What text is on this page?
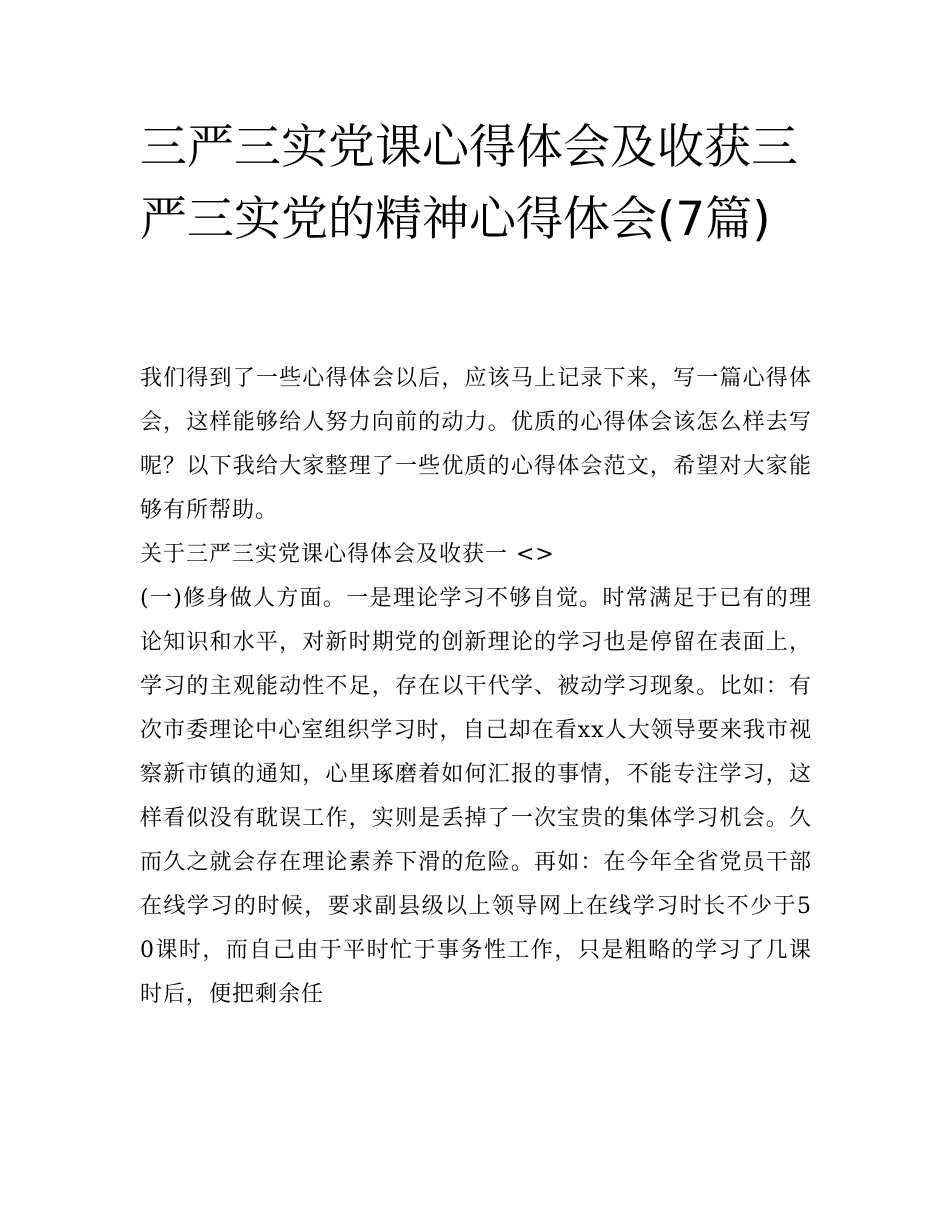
三严三实党课心得体会及收获三严三实党的精神心得体会(7篇)

我们得到了一些心得体会以后，应该马上记录下来，写一篇心得体会，这样能够给人努力向前的动力。优质的心得体会该怎么样去写呢？以下我给大家整理了一些优质的心得体会范文，希望对大家能够有所帮助。

关于三严三实党课心得体会及收获一 <>

(一)修身做人方面。一是理论学习不够自觉。时常满足于已有的理论知识和水平，对新时期党的创新理论的学习也是停留在表面上，学习的主观能动性不足，存在以干代学、被动学习现象。比如：有次市委理论中心室组织学习时，自己却在看xx人大领导要来我市视察新市镇的通知，心里琢磨着如何汇报的事情，不能专注学习，这样看似没有耽误工作，实则是丢掉了一次宝贵的集体学习机会。久而久之就会存在理论素养下滑的危险。再如：在今年全省党员干部在线学习的时候，要求副县级以上领导网上在线学习时长不少于50课时，而自己由于平时忙于事务性工作，只是粗略的学习了几课时后，便把剩余任
